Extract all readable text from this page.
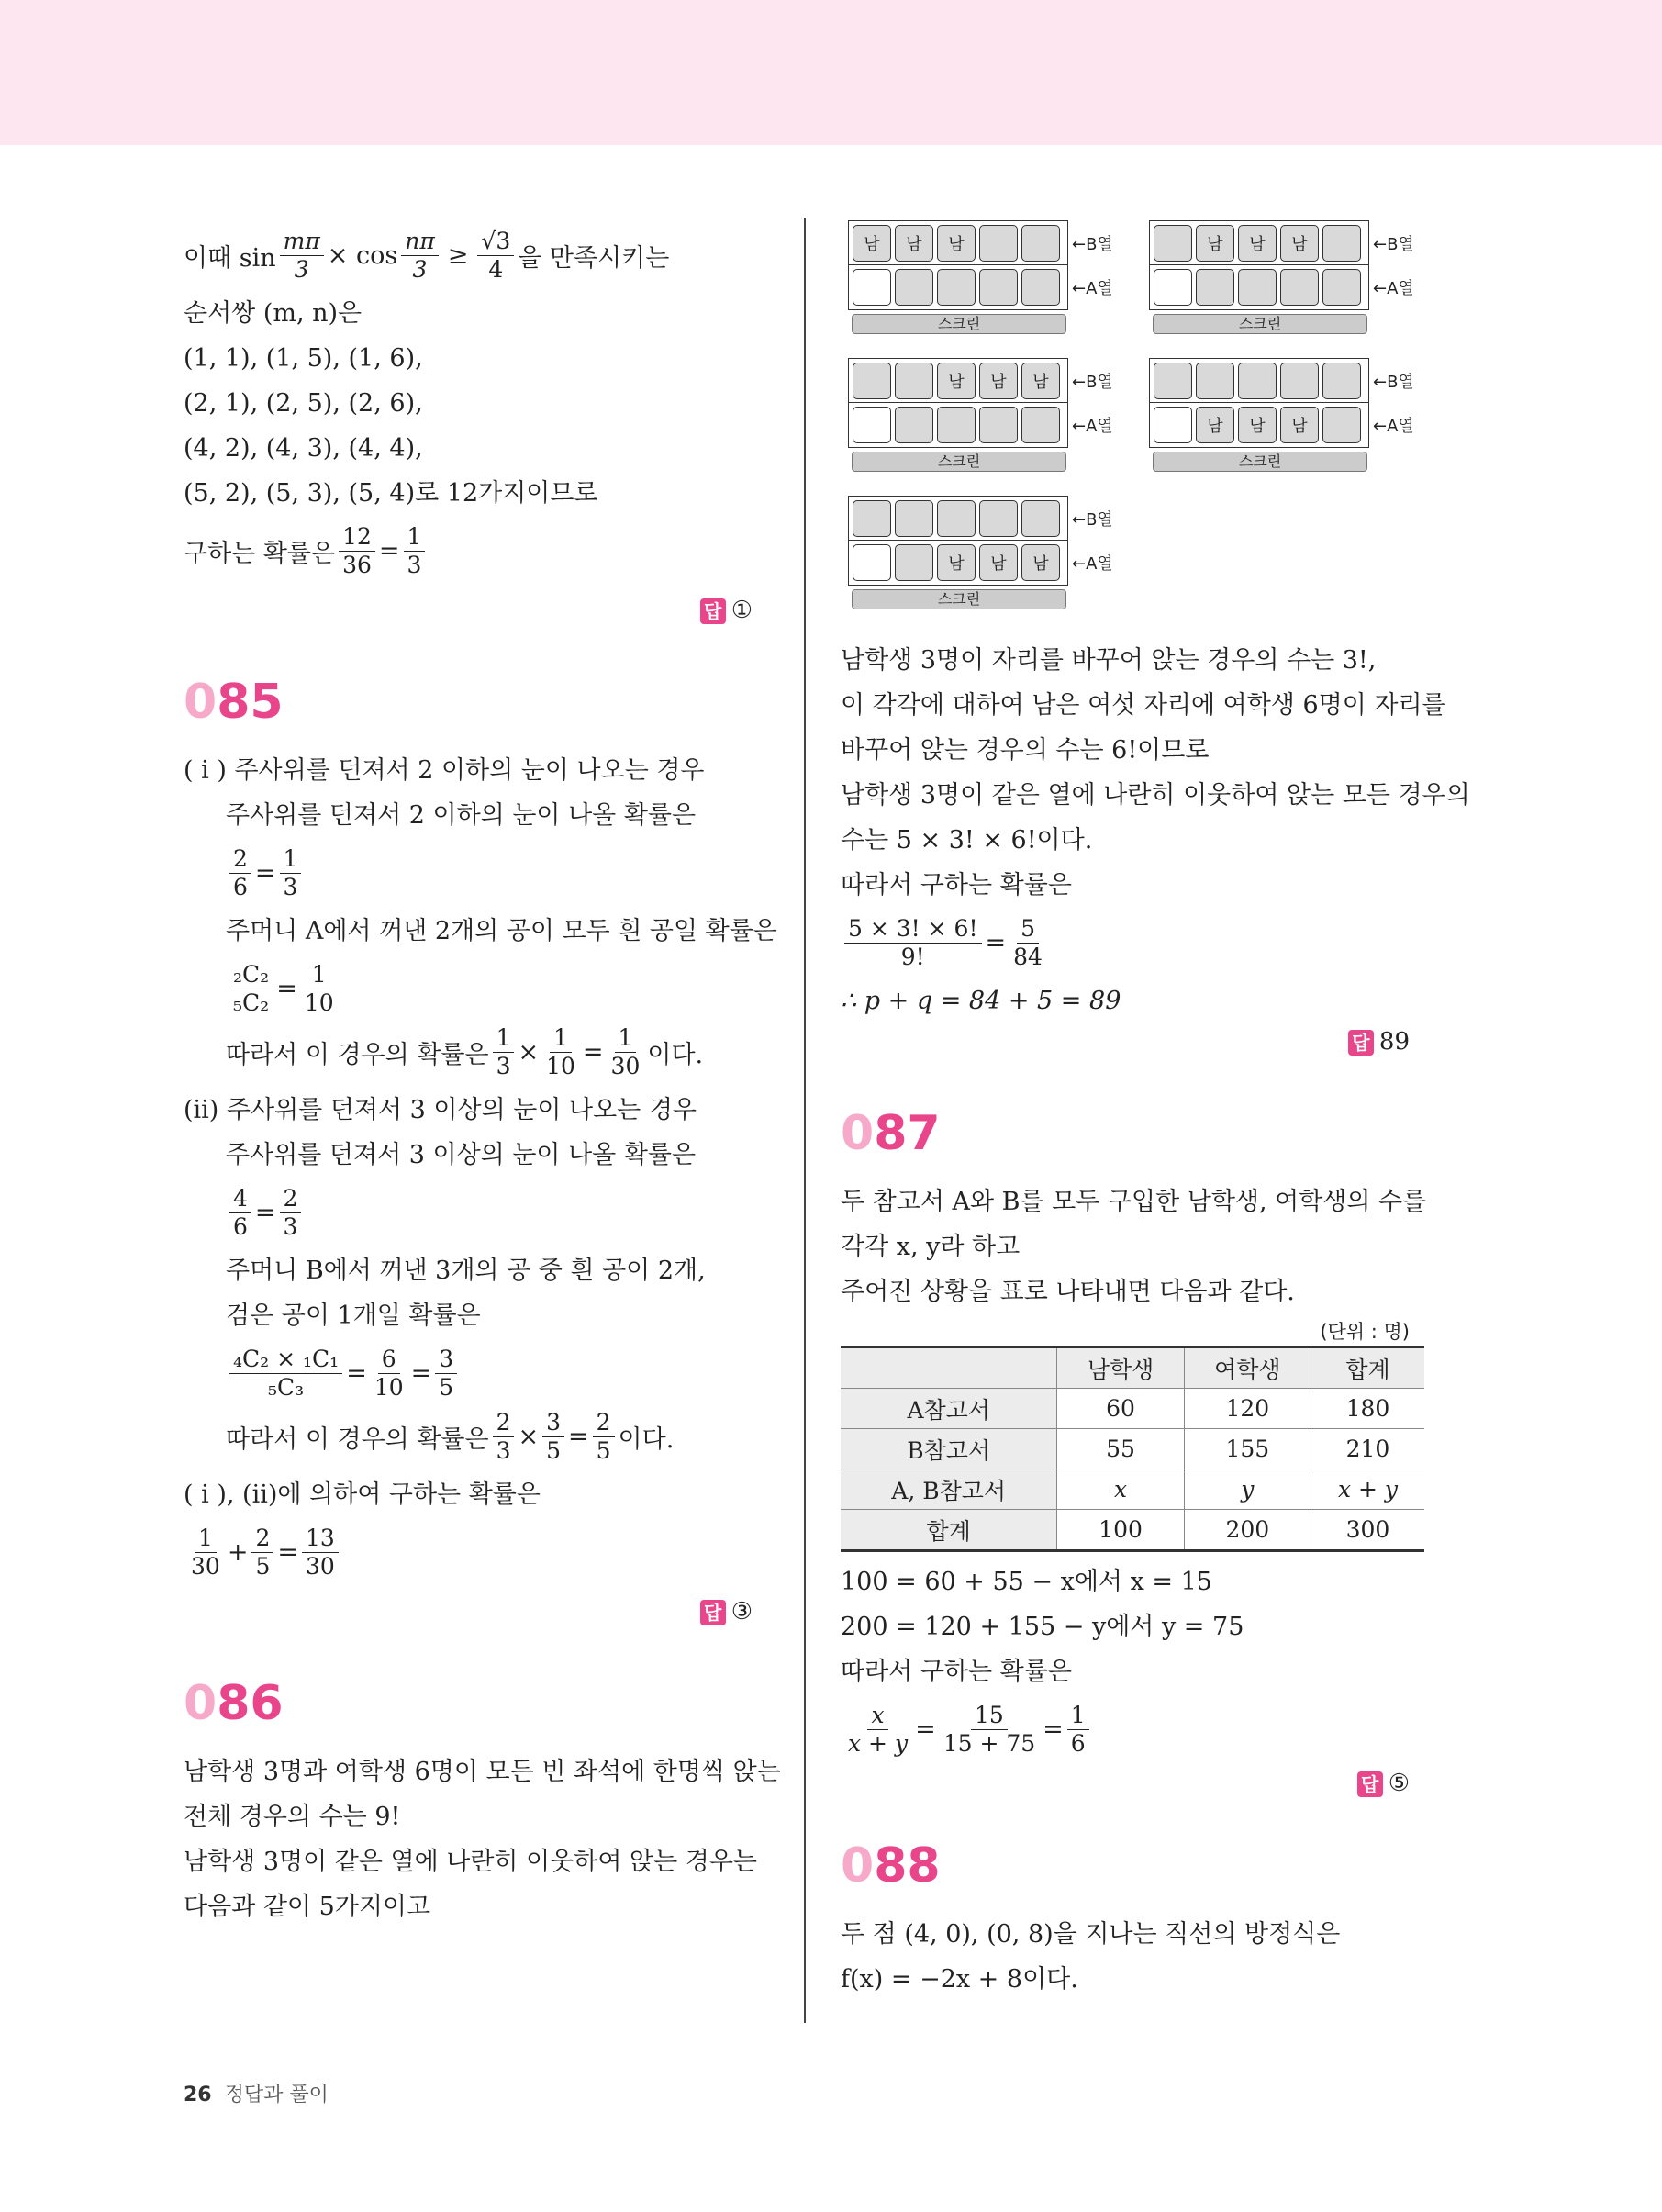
이때 $\sin \frac{m\pi}{3} \times \cos \frac{n\pi}{3} \ge \frac{√3}{4}$ 을 만족시키는
순서쌍 (m, n)은
(1, 1), (1, 5), (1, 6),
(2, 1), (2, 5), (2, 6),
(4, 2), (4, 3), (4, 4),
(5, 2), (5, 3), (5, 4)로 12가지이므로
구하는 확률은 $\frac{12}{36} = \frac{1}{3}$
답 ①
085
( i ) 주사위를 던져서 2 이하의 눈이 나오는 경우
주사위를 던져서 2 이하의 눈이 나올 확률은
$\frac{2}{6} = \frac{1}{3}$
주머니 A에서 꺼낸 2개의 공이 모두 흰 공일 확률은
$\frac{\text{₂C₂}}{\text{₅C₂}} = \frac{1}{10}$
따라서 이 경우의 확률은 $\frac{1}{3} \times \frac{1}{10} = \frac{1}{30}$ 이다.
(ii) 주사위를 던져서 3 이상의 눈이 나오는 경우
주사위를 던져서 3 이상의 눈이 나올 확률은
$\frac{4}{6} = \frac{2}{3}$
주머니 B에서 꺼낸 3개의 공 중 흰 공이 2개,
검은 공이 1개일 확률은
$\frac{\text{₄C₂ × ₁C₁}}{\text{₅C₃}} = \frac{6}{10} = \frac{3}{5}$
따라서 이 경우의 확률은 $\frac{2}{3} \times \frac{3}{5} = \frac{2}{5}$ 이다.
( i ), (ii)에 의하여 구하는 확률은
$\frac{1}{30} + \frac{2}{5} = \frac{13}{30}$
답 ③
086
남학생 3명과 여학생 6명이 모든 빈 좌석에 한명씩 앉는
전체 경우의 수는 9!
남학생 3명이 같은 열에 나란히 이웃하여 앉는 경우는
다음과 같이 5가지이고
남	남	남	←B열
←A열
스크린
남	남	남	←B열
←A열
스크린
남	남	남	←B열
←A열
스크린
←B열
남	남	남	←A열
스크린
←B열
남	남	남	←A열
스크린
남학생 3명이 자리를 바꾸어 앉는 경우의 수는 3!,
이 각각에 대하여 남은 여섯 자리에 여학생 6명이 자리를
바꾸어 앉는 경우의 수는 6!이므로
남학생 3명이 같은 열에 나란히 이웃하여 앉는 모든 경우의
수는 5 × 3! × 6!이다.
따라서 구하는 확률은
$\frac{5 \times 3! \times 6!}{9!} = \frac{5}{84}$
∴ p + q = 84 + 5 = 89
답 89
087
두 참고서 A와 B를 모두 구입한 남학생, 여학생의 수를
각각 x, y라 하고
주어진 상황을 표로 나타내면 다음과 같다.
(단위 : 명)
	남학생	여학생	합계
A참고서	60	120	180
B참고서	55	155	210
A, B참고서	x	y	x + y
합계	100	200	300
100 = 60 + 55 − x에서 x = 15
200 = 120 + 155 − y에서 y = 75
따라서 구하는 확률은
$\frac{x}{x + y} = \frac{15}{15 + 75} = \frac{1}{6}$
답 ⑤
088
두 점 (4, 0), (0, 8)을 지나는 직선의 방정식은
f(x) = −2x + 8이다.
26 정답과 풀이
